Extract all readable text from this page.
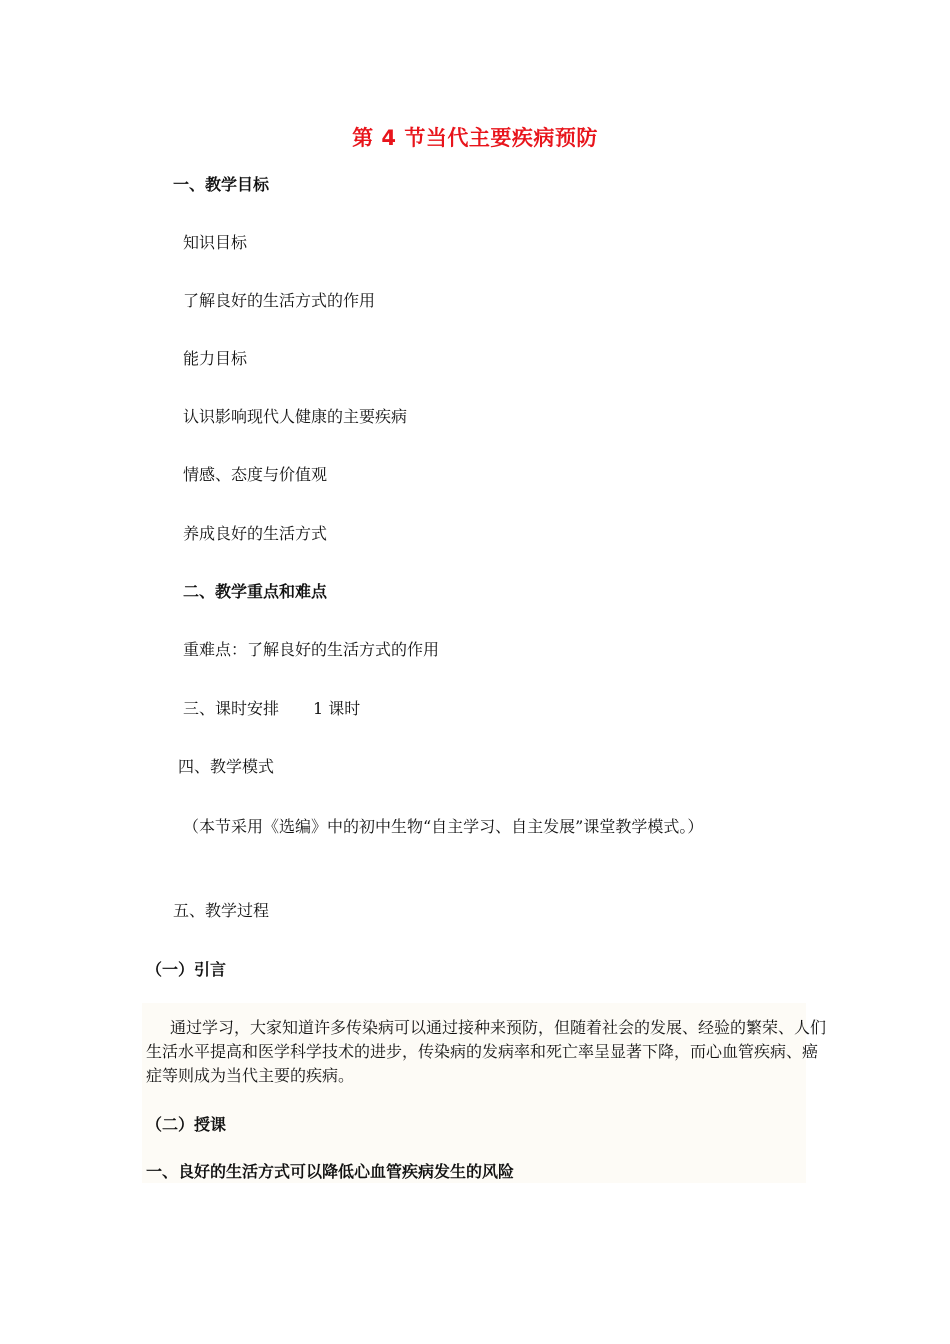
第 4 节当代主要疾病预防
一、教学目标
知识目标
了解良好的生活方式的作用
能力目标
认识影响现代人健康的主要疾病
情感、态度与价值观
养成良好的生活方式
二、教学重点和难点
重难点：了解良好的生活方式的作用
三、课时安排 1 课时
四、教学模式
（本节采用《选编》中的初中生物“自主学习、自主发展”课堂教学模式。）
五、教学过程
（一）引言
通过学习，大家知道许多传染病可以通过接种来预防，但随着社会的发展、经验的繁荣、人们生活水平提高和医学科学技术的进步，传染病的发病率和死亡率呈显著下降，而心血管疾病、癌症等则成为当代主要的疾病。
（二）授课
一、良好的生活方式可以降低心血管疾病发生的风险
